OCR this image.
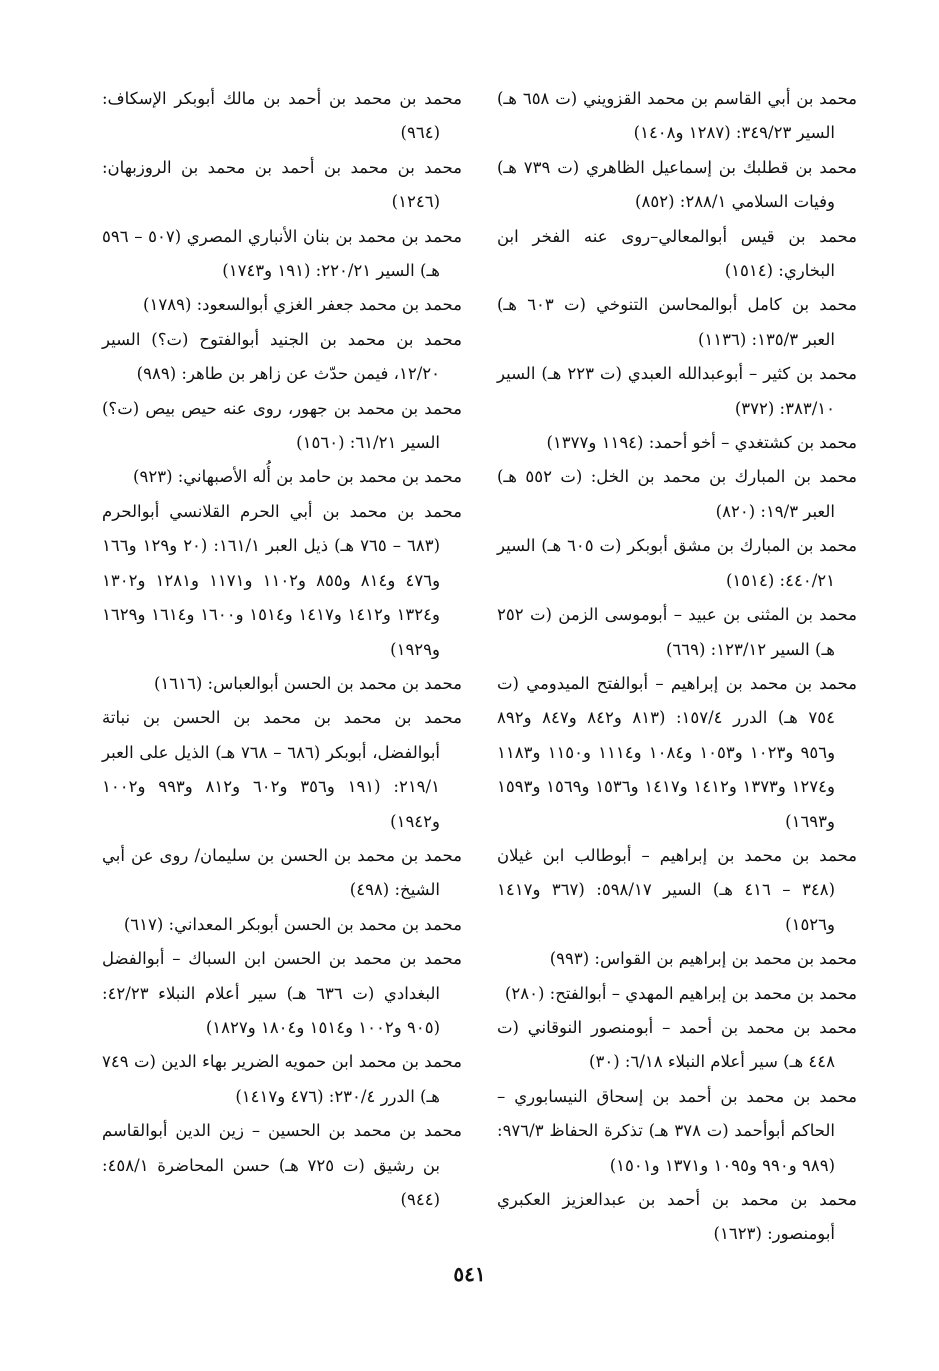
محمد بن أبي القاسم بن محمد القزويني (ت ٦٥٨ هـ) السير ٣٤٩/٢٣: (١٢٨٧ و١٤٠٨)

محمد بن قطلبك بن إسماعيل الظاهري (ت ٧٣٩ هـ) وفيات السلامي ٢٨٨/١: (٨٥٢)

محمد بن قيس أبوالمعالي–روى عنه الفخر ابن البخاري: (١٥١٤)

محمد بن كامل أبوالمحاسن التنوخي (ت ٦٠٣ هـ) العبر ١٣٥/٣: (١١٣٦)

محمد بن كثير – أبوعبدالله العبدي (ت ٢٢٣ هـ) السير ٣٨٣/١٠: (٣٧٢)

محمد بن كشتغدي – أخو أحمد: (١١٩٤ و١٣٧٧)

محمد بن المبارك بن محمد بن الخل: (ت ٥٥٢ هـ) العبر ١٩/٣: (٨٢٠)

محمد بن المبارك بن مشق أبوبكر (ت ٦٠٥ هـ) السير ٤٤٠/٢١: (١٥١٤)

محمد بن المثنى بن عبيد – أبوموسى الزمن (ت ٢٥٢ هـ) السير ١٢٣/١٢: (٦٦٩)

محمد بن محمد بن إبراهيم – أبوالفتح الميدومي (ت ٧٥٤ هـ) الدرر ١٥٧/٤: (٨١٣ و٨٤٢ و٨٤٧ و٨٩٢ و٩٥٦ و١٠٢٣ و١٠٥٣ و١٠٨٤ و١١١٤ و١١٥٠ و١١٨٣ و١٢٧٤ و١٣٧٣ و١٤١٢ و١٤١٧ و١٥٣٦ و١٥٦٩ و١٥٩٣ و١٦٩٣)

محمد بن محمد بن إبراهيم – أبوطالب ابن غيلان (٣٤٨ – ٤١٦ هـ) السير ٥٩٨/١٧: (٣٦٧ و١٤١٧ و١٥٢٦)

محمد بن محمد بن إبراهيم بن القواس: (٩٩٣)

محمد بن محمد بن إبراهيم المهدي – أبوالفتح: (٢٨٠)

محمد بن محمد بن أحمد – أبومنصور النوقاني (ت ٤٤٨ هـ) سير أعلام النبلاء ٦/١٨: (٣٠)

محمد بن محمد بن أحمد بن إسحاق النيسابوري – الحاكم أبوأحمد (ت ٣٧٨ هـ) تذكرة الحفاظ ٩٧٦/٣: (٩٨٩ و٩٩٠ و١٠٩٥ و١٣٧١ و١٥٠١)

محمد بن محمد بن أحمد بن عبدالعزيز العكبري أبومنصور: (١٦٢٣)

محمد بن محمد بن أحمد بن مالك أبوبكر الإسكاف: (٩٦٤)

محمد بن محمد بن أحمد بن محمد بن الروزبهان: (١٢٤٦)

محمد بن محمد بن بنان الأنباري المصري (٥٠٧ – ٥٩٦ هـ) السير ٢٢٠/٢١: (١٩١ و١٧٤٣)

محمد بن محمد جعفر الغزي أبوالسعود: (١٧٨٩)

محمد بن محمد بن الجنيد أبوالفتوح (ت؟) السير ١٢/٢٠، فيمن حدّث عن زاهر بن طاهر: (٩٨٩)

محمد بن محمد بن جهور، روى عنه حيص بيص (ت؟) السير ٦١/٢١: (١٥٦٠)

محمد بن محمد بن حامد بن أُله الأصبهاني: (٩٢٣)

محمد بن محمد بن أبي الحرم القلانسي أبوالحرم (٦٨٣ – ٧٦٥ هـ) ذيل العبر ١٦١/١: (٢٠ و١٢٩ و١٦٦ و٤٧٦ و٨١٤ و٨٥٥ و١١٠٢ و١١٧١ و١٢٨١ و١٣٠٢ و١٣٢٤ و١٤١٢ و١٤١٧ و١٥١٤ و١٦٠٠ و١٦١٤ و١٦٢٩ و١٩٢٩)

محمد بن محمد بن الحسن أبوالعباس: (١٦١٦)

محمد بن محمد بن محمد بن الحسن بن نباتة أبوالفضل، أبوبكر (٦٨٦ – ٧٦٨ هـ) الذيل على العبر ٢١٩/١: (١٩١ و٣٥٦ و٦٠٢ و٨١٢ و٩٩٣ و١٠٠٢ و١٩٤٢)

محمد بن محمد بن الحسن بن سليمان/ روى عن أبي الشيخ: (٤٩٨)

محمد بن محمد بن الحسن أبوبكر المعداني: (٦١٧)

محمد بن محمد بن الحسن ابن السباك – أبوالفضل البغدادي (ت ٦٣٦ هـ) سير أعلام النبلاء ٤٢/٢٣: (٩٠٥ و١٠٠٢ و١٥١٤ و١٨٠٤ و١٨٢٧)

محمد بن محمد ابن حمويه الضرير بهاء الدين (ت ٧٤٩ هـ) الدرر ٢٣٠/٤: (٤٧٦ و١٤١٧)

محمد بن محمد بن الحسين – زين الدين أبوالقاسم بن رشيق (ت ٧٢٥ هـ) حسن المحاضرة ٤٥٨/١: (٩٤٤)

٥٤١
